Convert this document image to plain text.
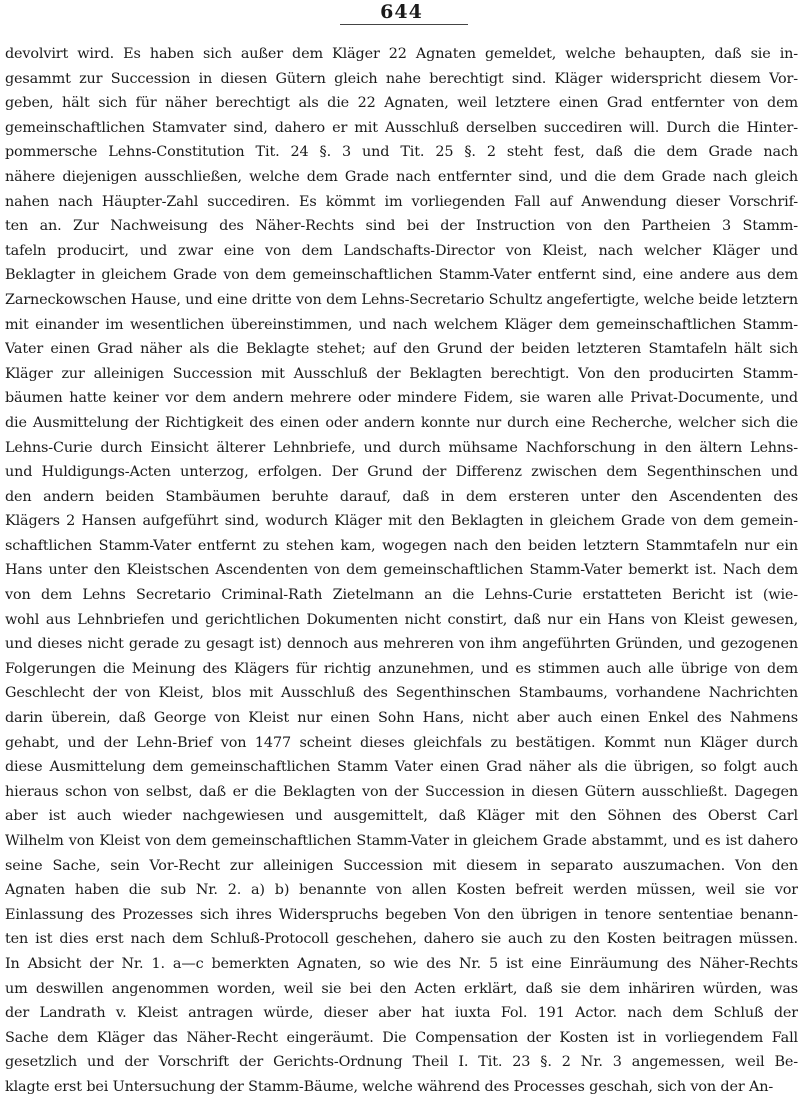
644
devolvirt wird. Es haben sich außer dem Kläger 22 Agnaten gemeldet, welche behaupten, daß sie in-
gesammt zur Succession in diesen Gütern gleich nahe berechtigt sind. Kläger widerspricht diesem Vor-
geben, hält sich für näher berechtigt als die 22 Agnaten, weil letztere einen Grad entfernter von dem
gemeinschaftlichen Stamvater sind, dahero er mit Ausschluß derselben succediren will. Durch die Hinter-
pommersche Lehns-Constitution Tit. 24 §. 3 und Tit. 25 §. 2 steht fest, daß die dem Grade nach
nähere diejenigen ausschließen, welche dem Grade nach entfernter sind, und die dem Grade nach gleich
nahen nach Häupter-Zahl succediren. Es kömmt im vorliegenden Fall auf Anwendung dieser Vorschrif-
ten an. Zur Nachweisung des Näher-Rechts sind bei der Instruction von den Partheien 3 Stamm-
tafeln producirt, und zwar eine von dem Landschafts-Director von Kleist, nach welcher Kläger und
Beklagter in gleichem Grade von dem gemeinschaftlichen Stamm-Vater entfernt sind, eine andere aus dem
Zarneckowschen Hause, und eine dritte von dem Lehns-Secretario Schultz angefertigte, welche beide letztern
mit einander im wesentlichen übereinstimmen, und nach welchem Kläger dem gemeinschaftlichen Stamm-
Vater einen Grad näher als die Beklagte stehet; auf den Grund der beiden letzteren Stamtafeln hält sich
Kläger zur alleinigen Succession mit Ausschluß der Beklagten berechtigt. Von den producirten Stamm-
bäumen hatte keiner vor dem andern mehrere oder mindere Fidem, sie waren alle Privat-Documente, und
die Ausmittelung der Richtigkeit des einen oder andern konnte nur durch eine Recherche, welcher sich die
Lehns-Curie durch Einsicht älterer Lehnbriefe, und durch mühsame Nachforschung in den ältern Lehns-
und Huldigungs-Acten unterzog, erfolgen. Der Grund der Differenz zwischen dem Segenthinschen und
den andern beiden Stambäumen beruhte darauf, daß in dem ersteren unter den Ascendenten des
Klägers 2 Hansen aufgeführt sind, wodurch Kläger mit den Beklagten in gleichem Grade von dem gemein-
schaftlichen Stamm-Vater entfernt zu stehen kam, wogegen nach den beiden letztern Stammtafeln nur ein
Hans unter den Kleistschen Ascendenten von dem gemeinschaftlichen Stamm-Vater bemerkt ist. Nach dem
von dem Lehns Secretario Criminal-Rath Zietelmann an die Lehns-Curie erstatteten Bericht ist (wie-
wohl aus Lehnbriefen und gerichtlichen Dokumenten nicht constirt, daß nur ein Hans von Kleist gewesen,
und dieses nicht gerade zu gesagt ist) dennoch aus mehreren von ihm angeführten Gründen, und gezogenen
Folgerungen die Meinung des Klägers für richtig anzunehmen, und es stimmen auch alle übrige von dem
Geschlecht der von Kleist, blos mit Ausschluß des Segenthinschen Stambaums, vorhandene Nachrichten
darin überein, daß George von Kleist nur einen Sohn Hans, nicht aber auch einen Enkel des Nahmens
gehabt, und der Lehn-Brief von 1477 scheint dieses gleichfals zu bestätigen. Kommt nun Kläger durch
diese Ausmittelung dem gemeinschaftlichen Stamm Vater einen Grad näher als die übrigen, so folgt auch
hieraus schon von selbst, daß er die Beklagten von der Succession in diesen Gütern ausschließt. Dagegen
aber ist auch wieder nachgewiesen und ausgemittelt, daß Kläger mit den Söhnen des Oberst Carl
Wilhelm von Kleist von dem gemeinschaftlichen Stamm-Vater in gleichem Grade abstammt, und es ist dahero
seine Sache, sein Vor-Recht zur alleinigen Succession mit diesem in separato auszumachen. Von den
Agnaten haben die sub Nr. 2. a) b) benannte von allen Kosten befreit werden müssen, weil sie vor
Einlassung des Prozesses sich ihres Widerspruchs begeben Von den übrigen in tenore sententiae benann-
ten ist dies erst nach dem Schluß-Protocoll geschehen, dahero sie auch zu den Kosten beitragen müssen.
In Absicht der Nr. 1. a—c bemerkten Agnaten, so wie des Nr. 5 ist eine Einräumung des Näher-Rechts
um deswillen angenommen worden, weil sie bei den Acten erklärt, daß sie dem inhäriren würden, was
der Landrath v. Kleist antragen würde, dieser aber hat iuxta Fol. 191 Actor. nach dem Schluß der
Sache dem Kläger das Näher-Recht eingeräumt. Die Compensation der Kosten ist in vorliegendem Fall
gesetzlich und der Vorschrift der Gerichts-Ordnung Theil I. Tit. 23 §. 2 Nr. 3 angemessen, weil Be-
klagte erst bei Untersuchung der Stamm-Bäume, welche während des Processes geschah, sich von der An-
